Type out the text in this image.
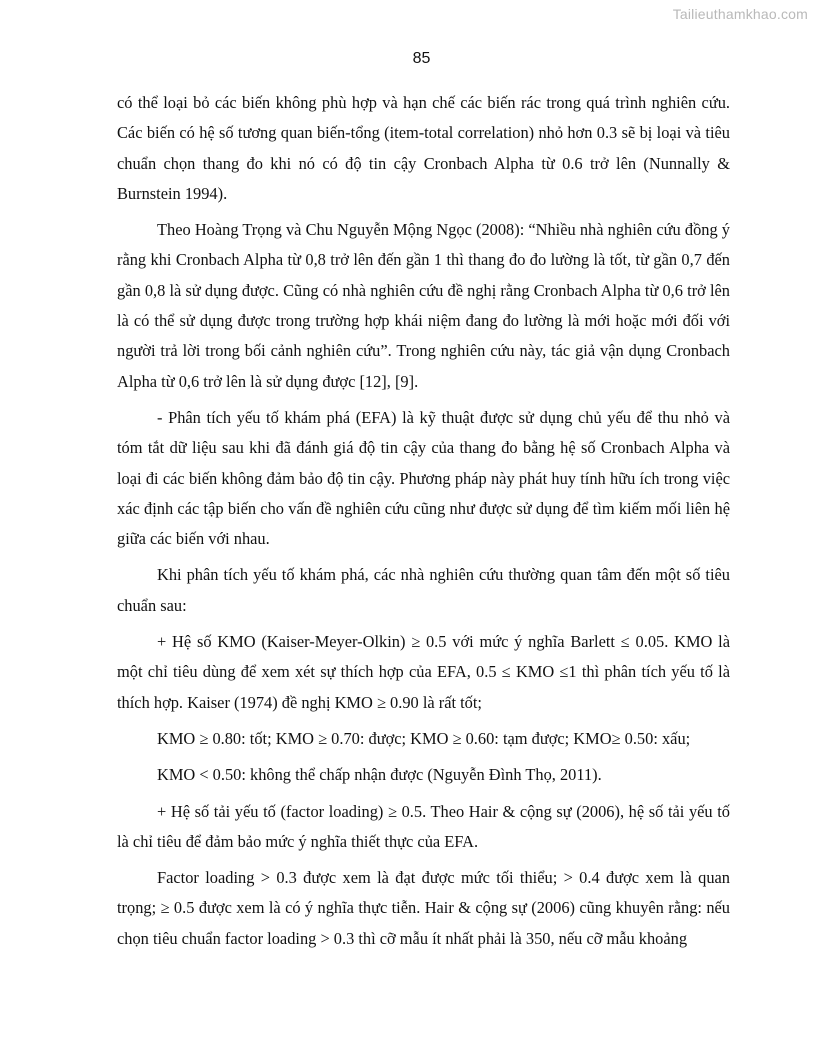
Tailieuthamkhao.com
85

có thể loại bỏ các biến không phù hợp và hạn chế các biến rác trong quá trình nghiên cứu. Các biến có hệ số tương quan biến-tổng (item-total correlation) nhỏ hơn 0.3 sẽ bị loại và tiêu chuẩn chọn thang đo khi nó có độ tin cậy Cronbach Alpha từ 0.6 trở lên (Nunnally & Burnstein 1994).

Theo Hoàng Trọng và Chu Nguyễn Mộng Ngọc (2008): “Nhiều nhà nghiên cứu đồng ý rằng khi Cronbach Alpha từ 0,8 trở lên đến gần 1 thì thang đo đo lường là tốt, từ gần 0,7 đến gần 0,8 là sử dụng được. Cũng có nhà nghiên cứu đề nghị rằng Cronbach Alpha từ 0,6 trở lên là có thể sử dụng được trong trường hợp khái niệm đang đo lường là mới hoặc mới đối với người trả lời trong bối cảnh nghiên cứu”. Trong nghiên cứu này, tác giả vận dụng Cronbach Alpha từ 0,6 trở lên là sử dụng được [12], [9].

- Phân tích yếu tố khám phá (EFA) là kỹ thuật được sử dụng chủ yếu để thu nhỏ và tóm tắt dữ liệu sau khi đã đánh giá độ tin cậy của thang đo bằng hệ số Cronbach Alpha và loại đi các biến không đảm bảo độ tin cậy. Phương pháp này phát huy tính hữu ích trong việc xác định các tập biến cho vấn đề nghiên cứu cũng như được sử dụng để tìm kiếm mối liên hệ giữa các biến với nhau.

Khi phân tích yếu tố khám phá, các nhà nghiên cứu thường quan tâm đến một số tiêu chuẩn sau:

+ Hệ số KMO (Kaiser-Meyer-Olkin) ≥ 0.5 với mức ý nghĩa Barlett ≤ 0.05. KMO là một chỉ tiêu dùng để xem xét sự thích hợp của EFA, 0.5 ≤ KMO ≤1 thì phân tích yếu tố là thích hợp. Kaiser (1974) đề nghị KMO ≥ 0.90 là rất tốt;

KMO ≥ 0.80: tốt; KMO ≥ 0.70: được; KMO ≥ 0.60: tạm được; KMO≥ 0.50: xấu;

KMO < 0.50: không thể chấp nhận được (Nguyễn Đình Thọ, 2011).

+ Hệ số tải yếu tố (factor loading) ≥ 0.5. Theo Hair & cộng sự (2006), hệ số tải yếu tố là chỉ tiêu để đảm bảo mức ý nghĩa thiết thực của EFA.

Factor loading > 0.3 được xem là đạt được mức tối thiểu; > 0.4 được xem là quan trọng; ≥ 0.5 được xem là có ý nghĩa thực tiễn. Hair & cộng sự (2006) cũng khuyên rằng: nếu chọn tiêu chuẩn factor loading > 0.3 thì cỡ mẫu ít nhất phải là 350, nếu cỡ mẫu khoảng
